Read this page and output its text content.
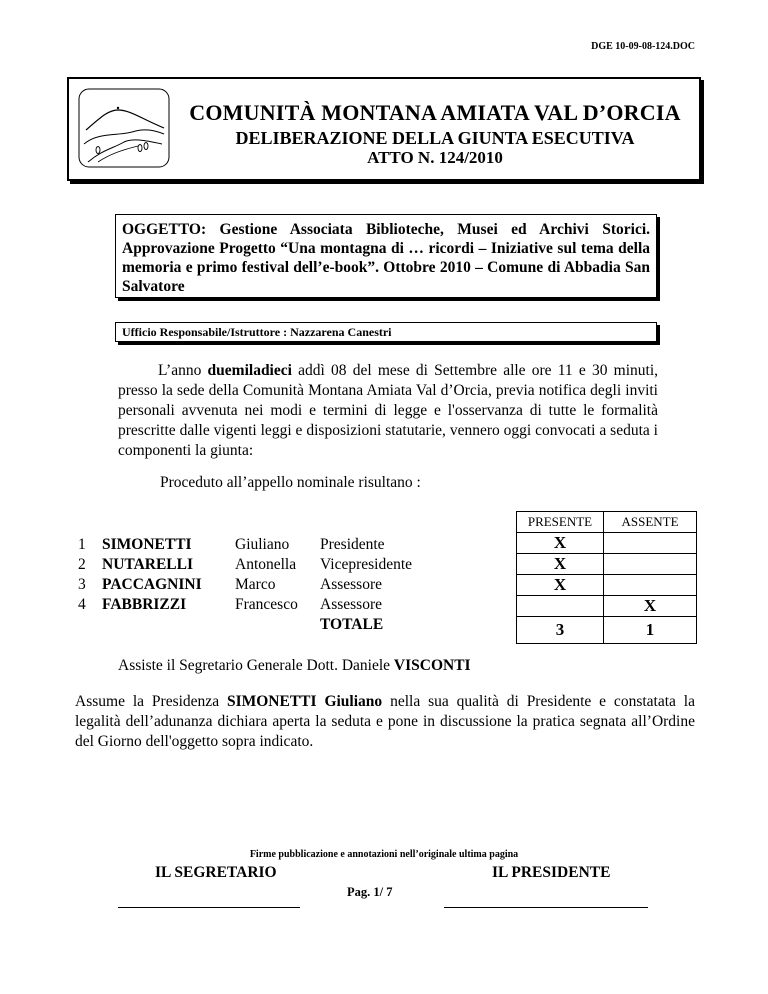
DGE 10-09-08-124.DOC
COMUNITÀ MONTANA AMIATA VAL D’ORCIA
DELIBERAZIONE DELLA GIUNTA ESECUTIVA
ATTO N. 124/2010
OGGETTO: Gestione Associata Biblioteche, Musei ed Archivi Storici. Approvazione Progetto “Una montagna di … ricordi – Iniziative sul tema della memoria e primo festival dell’e-book”. Ottobre 2010 – Comune di Abbadia San Salvatore
Ufficio Responsabile/Istruttore : Nazzarena Canestri
L’anno duemiladieci addì 08 del mese di Settembre alle ore 11 e 30 minuti, presso la sede della Comunità Montana Amiata Val d’Orcia, previa notifica degli inviti personali avvenuta nei modi e termini di legge e l'osservanza di tutte le formalità prescritte dalle vigenti leggi e disposizioni statutarie, vennero oggi convocati a seduta i componenti la giunta:
Proceduto all’appello nominale risultano :
1	SIMONETTI	Giuliano	Presidente
2	NUTARELLI	Antonella	Vicepresidente
3	PACCAGNINI	Marco	Assessore
4	FABBRIZZI	Francesco	Assessore
TOTALE
PRESENTE	ASSENTE
X	
X	
X	
	X
3	1
Assiste il Segretario Generale Dott. Daniele VISCONTI
Assume la Presidenza SIMONETTI Giuliano nella sua qualità di Presidente e constatata la legalità dell’adunanza dichiara aperta la seduta e pone in discussione la pratica segnata all’Ordine del Giorno dell'oggetto sopra indicato.
Firme pubblicazione e annotazioni nell’originale ultima pagina
IL SEGRETARIO	IL PRESIDENTE
Pag. 1/ 7
